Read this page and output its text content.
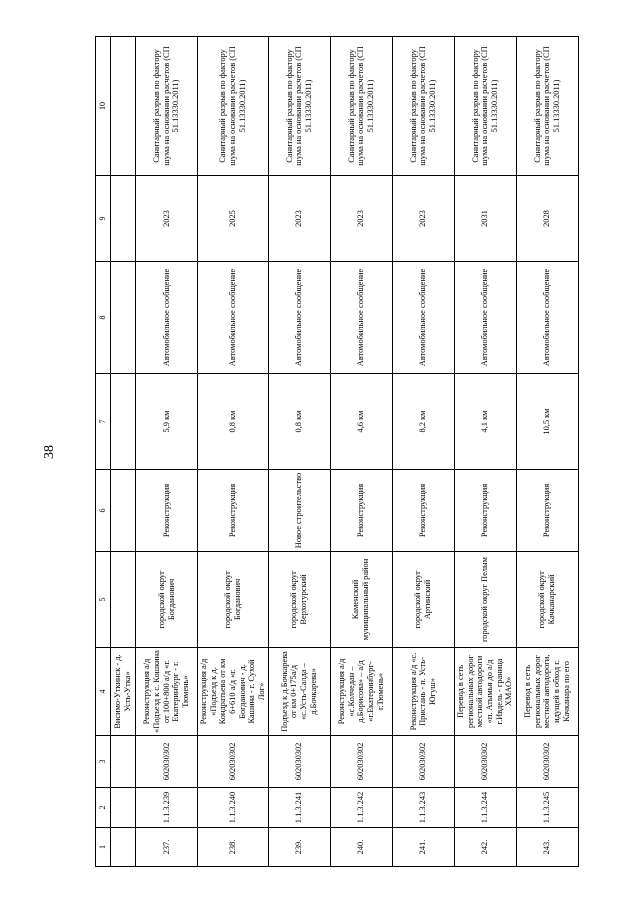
38
1	2	3	4	5	6	7	8	9	10
			Висимо-Уткинск - д. Усть-Утка»						
237.	1.1.3.239	602030302	Реконструкция а/д «Подъезд к с. Кошкина от 100+800 а/д «г. Екатеринбург - г. Тюмень»	городской округ Богданович	Реконструкция	5,9 км	Автомобильное сообщение	2023	Санитарный разрыв по фактору шума на основании расчетов (СП 51.13330.2011)
238.	1.1.3.240	602030302	Реконструкция а/д «Подъезд к д. Кондратьева от км 6+610 а/д «г. Богданович - д. Кашина - г. Сухой Лог»	городской округ Богданович	Реконструкция	0,8 км	Автомобильное сообщение	2025	Санитарный разрыв по фактору шума на основании расчетов (СП 51.13330.2011)
239.	1.1.3.241	602030302	Подъезд к д.Бочкарева от км 0+175а/д «с.Усть-Салда – д.Бочкарева»	городской округ Верхотурский	Новое строительство	0,8 км	Автомобильное сообщение	2023	Санитарный разрыв по фактору шума на основании расчетов (СП 51.13330.2011)
240.	1.1.3.242	602030302	Реконструкция а/д «с.Колчедан – д.Борисова» – а/д «г.Екатеринбург-г.Тюмень»	Каменский муниципальный район	Реконструкция	4,6 км	Автомобильное сообщение	2023	Санитарный разрыв по фактору шума на основании расчетов (СП 51.13330.2011)
241.	1.1.3.243	602030302	Реконструкция а/д «с. Пристань - п. Усть-Югуш»	городской округ Артинский	Реконструкция	8,2 км	Автомобильное сообщение	2023	Санитарный разрыв по фактору шума на основании расчетов (СП 51.13330.2011)
242.	1.1.3.244	602030302	Перевод в сеть региональных дорог местной автодороги «п. Атымья до а/д г.Ивдель - граница ХМАО»	городской округ Пелым	Реконструкция	4,1 км	Автомобильное сообщение	2031	Санитарный разрыв по фактору шума на основании расчетов (СП 51.13330.2011)
243.	1.1.3.245	602030302	Перевод в сеть региональных дорог местной автодороги, идущей в обход г. Качканара по его	городской округ Качканарский	Реконструкция	10,5 км	Автомобильное сообщение	2028	Санитарный разрыв по фактору шума на основании расчетов (СП 51.13330.2011)
